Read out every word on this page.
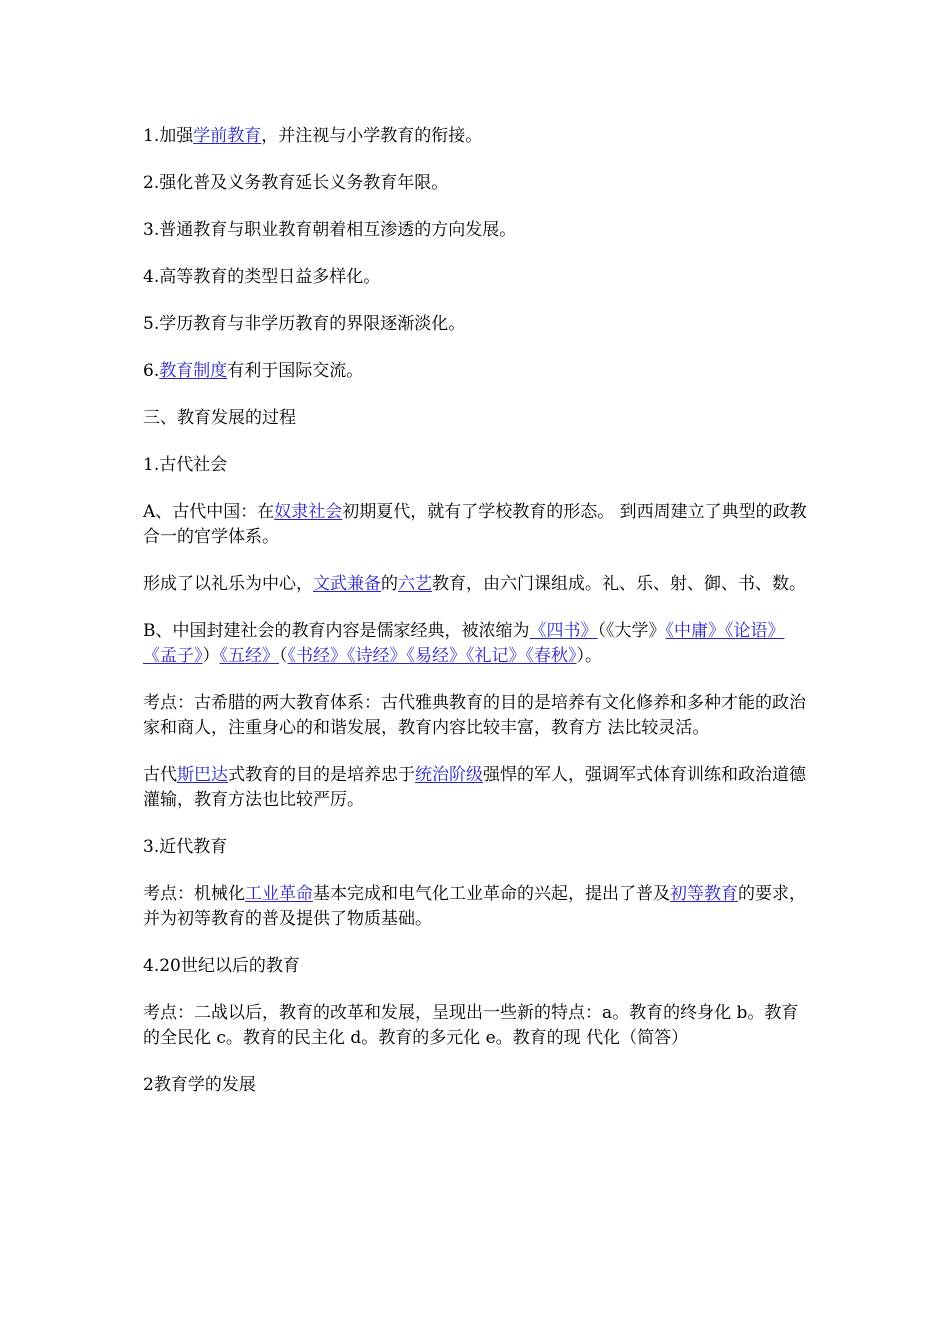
1.加强学前教育，并注视与小学教育的衔接。

2.强化普及义务教育延长义务教育年限。

3.普通教育与职业教育朝着相互渗透的方向发展。

4.高等教育的类型日益多样化。

5.学历教育与非学历教育的界限逐渐淡化。

6.教育制度有利于国际交流。

三、教育发展的过程

1.古代社会

A、古代中国：在奴隶社会初期夏代，就有了学校教育的形态。 到西周建立了典型的政教合一的官学体系。

形成了以礼乐为中心，文武兼备的六艺教育，由六门课组成。礼、乐、射、御、书、数。

B、中国封建社会的教育内容是儒家经典，被浓缩为《四书》（《大学》《中庸》《论语》《孟子》）《五经》（《书经》《诗经》《易经》《礼记》《春秋》）。

考点：古希腊的两大教育体系：古代雅典教育的目的是培养有文化修养和多种才能的政治家和商人，注重身心的和谐发展，教育内容比较丰富，教育方 法比较灵活。

古代斯巴达式教育的目的是培养忠于统治阶级强悍的军人，强调军式体育训练和政治道德灌输，教育方法也比较严厉。

3.近代教育

考点：机械化工业革命基本完成和电气化工业革命的兴起，提出了普及初等教育的要求，并为初等教育的普及提供了物质基础。

4.20世纪以后的教育

考点：二战以后，教育的改革和发展，呈现出一些新的特点：a。教育的终身化 b。教育的全民化 c。教育的民主化 d。教育的多元化 e。教育的现 代化（简答）

2教育学的发展
